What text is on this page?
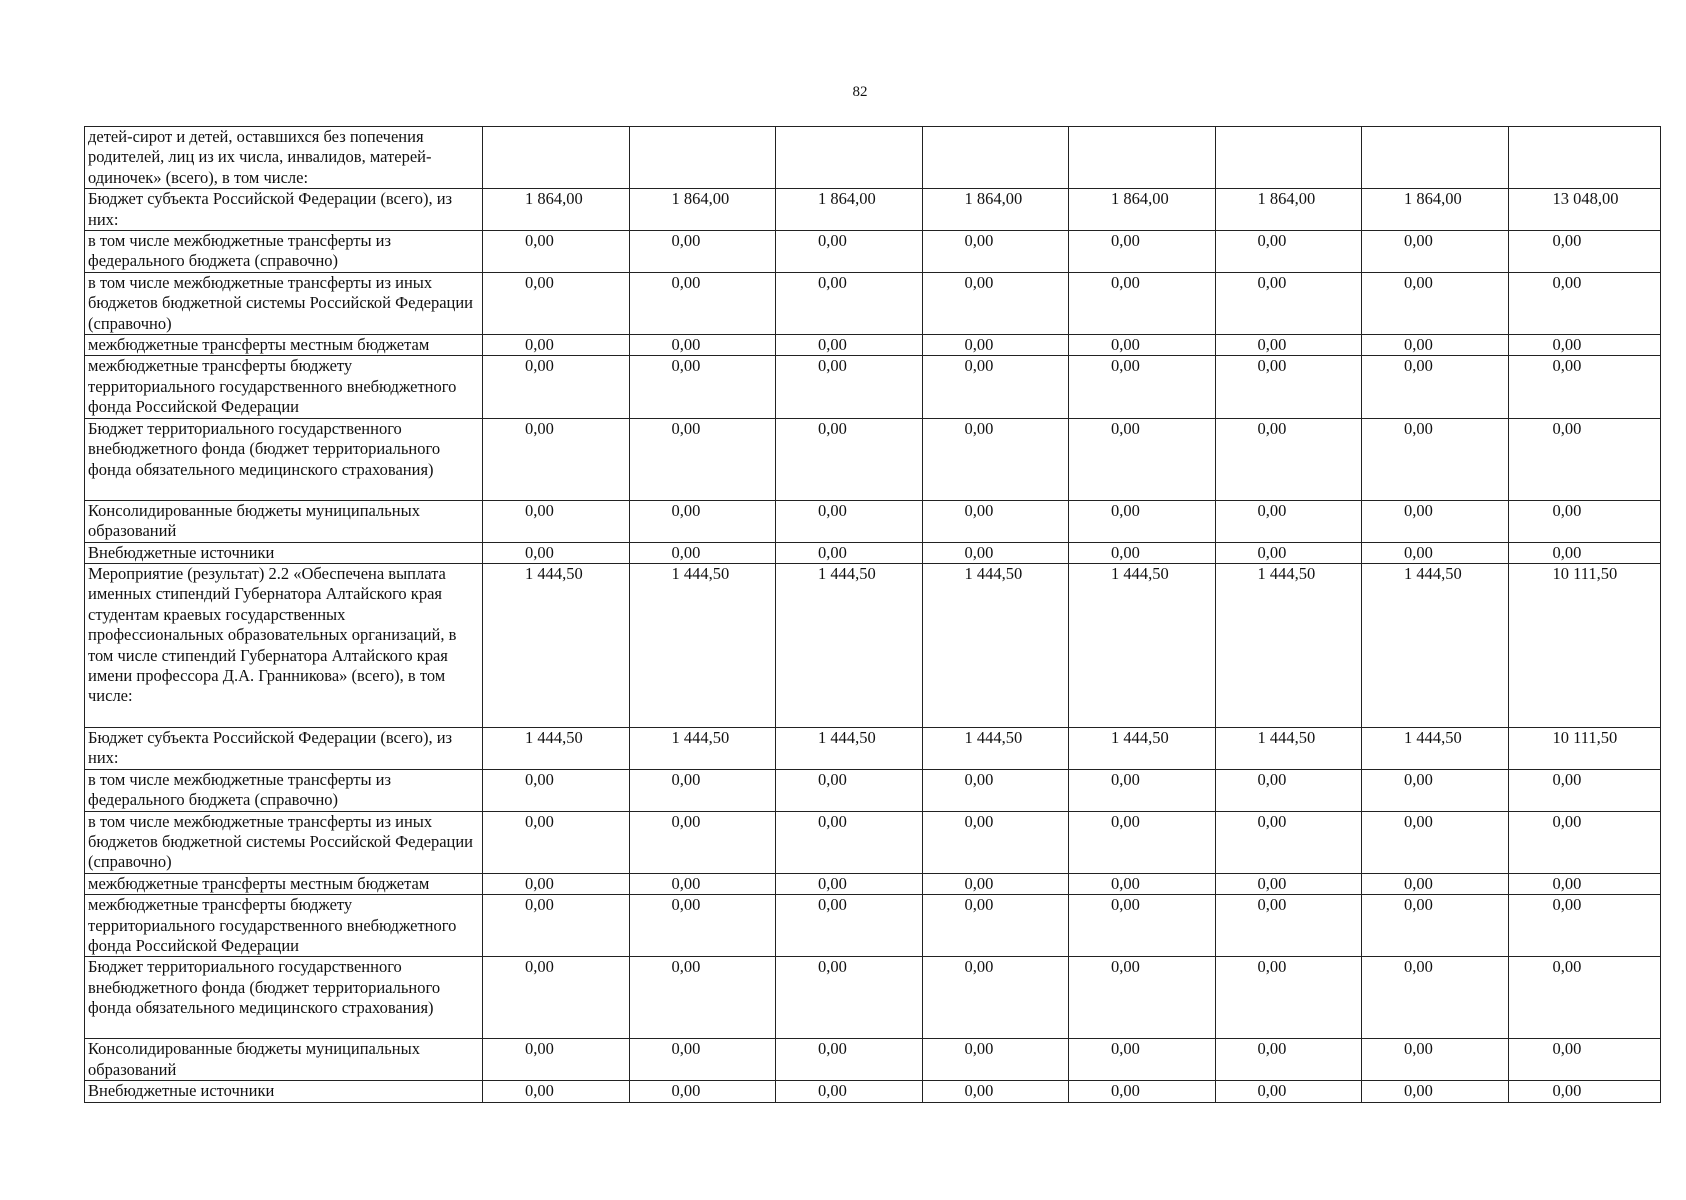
82
детей-сирот и детей, оставшихся без попечения родителей, лиц из их числа, инвалидов, матерей-одиночек» (всего), в том числе:	

Бюджет субъекта Российской Федерации (всего), из них:	1 864,00	1 864,00	1 864,00	1 864,00	1 864,00	1 864,00	1 864,00	13 048,00

в том числе межбюджетные трансферты из федерального бюджета (справочно)	0,00	0,00	0,00	0,00	0,00	0,00	0,00	0,00

в том числе межбюджетные трансферты из иных бюджетов бюджетной системы Российской Федерации (справочно)	0,00	0,00	0,00	0,00	0,00	0,00	0,00	0,00

межбюджетные трансферты местным бюджетам	0,00	0,00	0,00	0,00	0,00	0,00	0,00	0,00

межбюджетные трансферты бюджету территориального государственного внебюджетного фонда Российской Федерации	0,00	0,00	0,00	0,00	0,00	0,00	0,00	0,00

Бюджет территориального государственного внебюджетного фонда (бюджет территориального фонда обязательного медицинского страхования)	0,00	0,00	0,00	0,00	0,00	0,00	0,00	0,00

Консолидированные бюджеты муниципальных образований	0,00	0,00	0,00	0,00	0,00	0,00	0,00	0,00

Внебюджетные источники	0,00	0,00	0,00	0,00	0,00	0,00	0,00	0,00

Мероприятие (результат) 2.2 «Обеспечена выплата именных стипендий Губернатора Алтайского края студентам краевых государственных профессиональных образовательных организаций, в том числе стипендий Губернатора Алтайского края имени профессора Д.А. Гранникова» (всего), в том числе:	1 444,50	1 444,50	1 444,50	1 444,50	1 444,50	1 444,50	1 444,50	10 111,50

Бюджет субъекта Российской Федерации (всего), из них:	1 444,50	1 444,50	1 444,50	1 444,50	1 444,50	1 444,50	1 444,50	10 111,50

в том числе межбюджетные трансферты из федерального бюджета (справочно)	0,00	0,00	0,00	0,00	0,00	0,00	0,00	0,00

в том числе межбюджетные трансферты из иных бюджетов бюджетной системы Российской Федерации (справочно)	0,00	0,00	0,00	0,00	0,00	0,00	0,00	0,00

межбюджетные трансферты местным бюджетам	0,00	0,00	0,00	0,00	0,00	0,00	0,00	0,00

межбюджетные трансферты бюджету территориального государственного внебюджетного фонда Российской Федерации	0,00	0,00	0,00	0,00	0,00	0,00	0,00	0,00

Бюджет территориального государственного внебюджетного фонда (бюджет территориального фонда обязательного медицинского страхования)	0,00	0,00	0,00	0,00	0,00	0,00	0,00	0,00

Консолидированные бюджеты муниципальных образований	0,00	0,00	0,00	0,00	0,00	0,00	0,00	0,00

Внебюджетные источники	0,00	0,00	0,00	0,00	0,00	0,00	0,00	0,00
